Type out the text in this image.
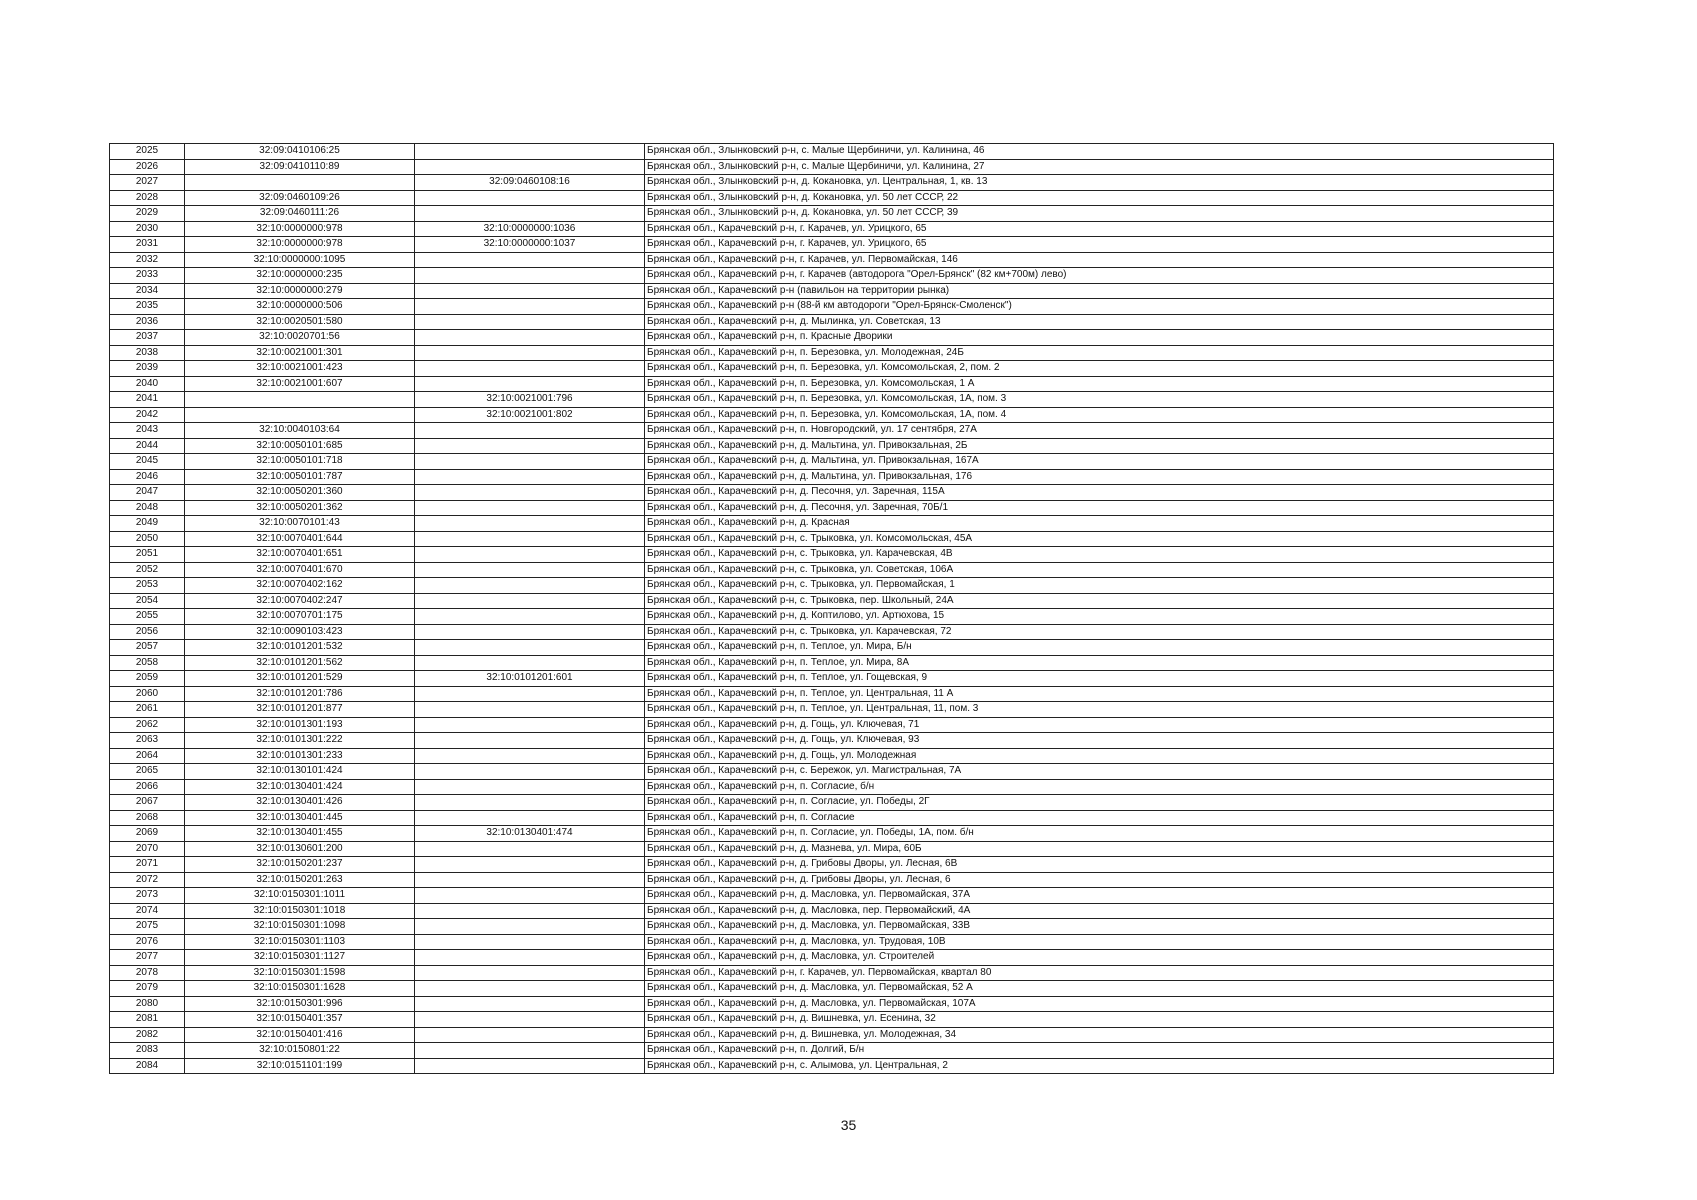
2025	32:09:0410106:25		Брянская обл., Злынковский р-н, с. Малые Щербиничи, ул. Калинина, 46
2026	32:09:0410110:89		Брянская обл., Злынковский р-н, с. Малые Щербиничи, ул. Калинина, 27
2027		32:09:0460108:16	Брянская обл., Злынковский р-н, д. Кокановка, ул. Центральная, 1, кв. 13
2028	32:09:0460109:26		Брянская обл., Злынковский р-н, д. Кокановка, ул. 50 лет СССР, 22
2029	32:09:0460111:26		Брянская обл., Злынковский р-н, д. Кокановка, ул. 50 лет СССР, 39
2030	32:10:0000000:978	32:10:0000000:1036	Брянская обл., Карачевский р-н, г. Карачев, ул. Урицкого, 65
2031	32:10:0000000:978	32:10:0000000:1037	Брянская обл., Карачевский р-н, г. Карачев, ул. Урицкого, 65
2032	32:10:0000000:1095		Брянская обл., Карачевский р-н, г. Карачев, ул. Первомайская, 146
2033	32:10:0000000:235		Брянская обл., Карачевский р-н, г. Карачев (автодорога "Орел-Брянск" (82 км+700м) лево)
2034	32:10:0000000:279		Брянская обл., Карачевский р-н (павильон на территории рынка)
2035	32:10:0000000:506		Брянская обл., Карачевский р-н (88-й км автодороги "Орел-Брянск-Смоленск")
2036	32:10:0020501:580		Брянская обл., Карачевский р-н, д. Мылинка, ул. Советская, 13
2037	32:10:0020701:56		Брянская обл., Карачевский р-н, п. Красные Дворики
2038	32:10:0021001:301		Брянская обл., Карачевский р-н, п. Березовка, ул. Молодежная, 24Б
2039	32:10:0021001:423		Брянская обл., Карачевский р-н, п. Березовка, ул. Комсомольская, 2, пом. 2
2040	32:10:0021001:607		Брянская обл., Карачевский р-н, п. Березовка, ул. Комсомольская, 1 А
2041		32:10:0021001:796	Брянская обл., Карачевский р-н, п. Березовка, ул. Комсомольская, 1А, пом. 3
2042		32:10:0021001:802	Брянская обл., Карачевский р-н, п. Березовка, ул. Комсомольская, 1А, пом. 4
2043	32:10:0040103:64		Брянская обл., Карачевский р-н, п. Новгородский, ул. 17 сентября, 27А
2044	32:10:0050101:685		Брянская обл., Карачевский р-н, д. Мальтина, ул. Привокзальная, 2Б
2045	32:10:0050101:718		Брянская обл., Карачевский р-н, д. Мальтина, ул. Привокзальная, 167А
2046	32:10:0050101:787		Брянская обл., Карачевский р-н, д. Мальтина, ул. Привокзальная, 176
2047	32:10:0050201:360		Брянская обл., Карачевский р-н, д. Песочня, ул. Заречная, 115А
2048	32:10:0050201:362		Брянская обл., Карачевский р-н, д. Песочня, ул. Заречная, 70Б/1
2049	32:10:0070101:43		Брянская обл., Карачевский р-н, д. Красная
2050	32:10:0070401:644		Брянская обл., Карачевский р-н, с. Трыковка, ул. Комсомольская, 45А
2051	32:10:0070401:651		Брянская обл., Карачевский р-н, с. Трыковка, ул. Карачевская, 4В
2052	32:10:0070401:670		Брянская обл., Карачевский р-н, с. Трыковка, ул. Советская, 106А
2053	32:10:0070402:162		Брянская обл., Карачевский р-н, с. Трыковка, ул. Первомайская, 1
2054	32:10:0070402:247		Брянская обл., Карачевский р-н, с. Трыковка, пер. Школьный, 24А
2055	32:10:0070701:175		Брянская обл., Карачевский р-н, д. Коптилово, ул. Артюхова, 15
2056	32:10:0090103:423		Брянская обл., Карачевский р-н, с. Трыковка, ул. Карачевская, 72
2057	32:10:0101201:532		Брянская обл., Карачевский р-н, п. Теплое, ул. Мира, Б/н
2058	32:10:0101201:562		Брянская обл., Карачевский р-н, п. Теплое, ул. Мира, 8А
2059	32:10:0101201:529	32:10:0101201:601	Брянская обл., Карачевский р-н, п. Теплое, ул. Гощевская, 9
2060	32:10:0101201:786		Брянская обл., Карачевский р-н, п. Теплое, ул. Центральная, 11 А
2061	32:10:0101201:877		Брянская обл., Карачевский р-н, п. Теплое, ул. Центральная, 11, пом. 3
2062	32:10:0101301:193		Брянская обл., Карачевский р-н, д. Гощь, ул. Ключевая, 71
2063	32:10:0101301:222		Брянская обл., Карачевский р-н, д. Гощь, ул. Ключевая, 93
2064	32:10:0101301:233		Брянская обл., Карачевский р-н, д. Гощь, ул. Молодежная
2065	32:10:0130101:424		Брянская обл., Карачевский р-н, с. Бережок, ул. Магистральная, 7А
2066	32:10:0130401:424		Брянская обл., Карачевский р-н, п. Согласие, б/н
2067	32:10:0130401:426		Брянская обл., Карачевский р-н, п. Согласие, ул. Победы, 2Г
2068	32:10:0130401:445		Брянская обл., Карачевский р-н, п. Согласие
2069	32:10:0130401:455	32:10:0130401:474	Брянская обл., Карачевский р-н, п. Согласие, ул. Победы, 1А, пом. б/н
2070	32:10:0130601:200		Брянская обл., Карачевский р-н, д. Мазнева, ул. Мира, 60Б
2071	32:10:0150201:237		Брянская обл., Карачевский р-н, д. Грибовы Дворы, ул. Лесная, 6В
2072	32:10:0150201:263		Брянская обл., Карачевский р-н, д. Грибовы Дворы, ул. Лесная, 6
2073	32:10:0150301:1011		Брянская обл., Карачевский р-н, д. Масловка, ул. Первомайская, 37А
2074	32:10:0150301:1018		Брянская обл., Карачевский р-н, д. Масловка, пер. Первомайский, 4А
2075	32:10:0150301:1098		Брянская обл., Карачевский р-н, д. Масловка, ул. Первомайская, 33В
2076	32:10:0150301:1103		Брянская обл., Карачевский р-н, д. Масловка, ул. Трудовая, 10В
2077	32:10:0150301:1127		Брянская обл., Карачевский р-н, д. Масловка, ул. Строителей
2078	32:10:0150301:1598		Брянская обл., Карачевский р-н, г. Карачев, ул. Первомайская, квартал 80
2079	32:10:0150301:1628		Брянская обл., Карачевский р-н, д. Масловка, ул. Первомайская, 52 А
2080	32:10:0150301:996		Брянская обл., Карачевский р-н, д. Масловка, ул. Первомайская, 107А
2081	32:10:0150401:357		Брянская обл., Карачевский р-н, д. Вишневка, ул. Есенина, 32
2082	32:10:0150401:416		Брянская обл., Карачевский р-н, д. Вишневка, ул. Молодежная, 34
2083	32:10:0150801:22		Брянская обл., Карачевский р-н, п. Долгий, Б/н
2084	32:10:0151101:199		Брянская обл., Карачевский р-н, с. Алымова, ул. Центральная, 2
35
